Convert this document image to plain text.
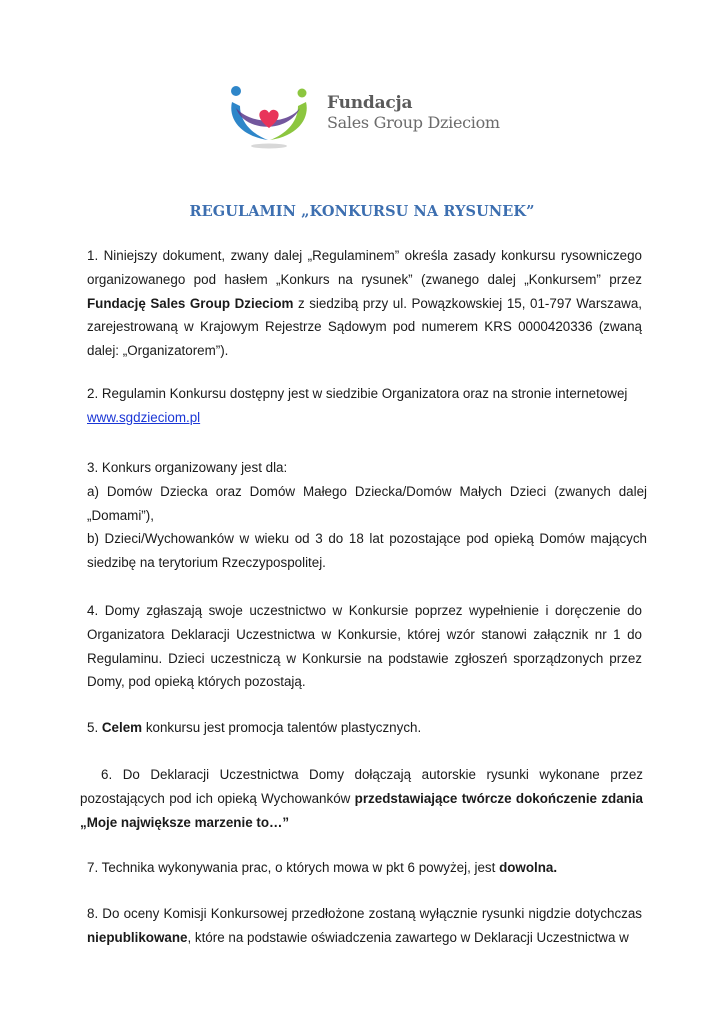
Fundacja
Sales Group Dzieciom
REGULAMIN „KONKURSU NA RYSUNEK”

1. Niniejszy dokument, zwany dalej „Regulaminem” określa zasady konkursu rysowniczego organizowanego pod hasłem „Konkurs na rysunek” (zwanego dalej „Konkursem” przez Fundację Sales Group Dzieciom z siedzibą przy ul. Powązkowskiej 15, 01-797 Warszawa, zarejestrowaną w Krajowym Rejestrze Sądowym pod numerem KRS 0000420336 (zwaną dalej: „Organizatorem”).

2. Regulamin Konkursu dostępny jest w siedzibie Organizatora oraz na stronie internetowej www.sgdzieciom.pl

3. Konkurs organizowany jest dla:

a) Domów Dziecka oraz Domów Małego Dziecka/Domów Małych Dzieci (zwanych dalej „Domami”),

b) Dzieci/Wychowanków w wieku od 3 do 18 lat pozostające pod opieką Domów mających siedzibę na terytorium Rzeczypospolitej.

4. Domy zgłaszają swoje uczestnictwo w Konkursie poprzez wypełnienie i doręczenie do Organizatora Deklaracji Uczestnictwa w Konkursie, której wzór stanowi załącznik nr 1 do Regulaminu. Dzieci uczestniczą w Konkursie na podstawie zgłoszeń sporządzonych przez Domy, pod opieką których pozostają.

5. Celem konkursu jest promocja talentów plastycznych.

6. Do Deklaracji Uczestnictwa Domy dołączają autorskie rysunki wykonane przez pozostających pod ich opieką Wychowanków przedstawiające twórcze dokończenie zdania „Moje największe marzenie to…”

7. Technika wykonywania prac, o których mowa w pkt 6 powyżej, jest dowolna.

8. Do oceny Komisji Konkursowej przedłożone zostaną wyłącznie rysunki nigdzie dotychczas niepublikowane, które na podstawie oświadczenia zawartego w Deklaracji Uczestnictwa w
